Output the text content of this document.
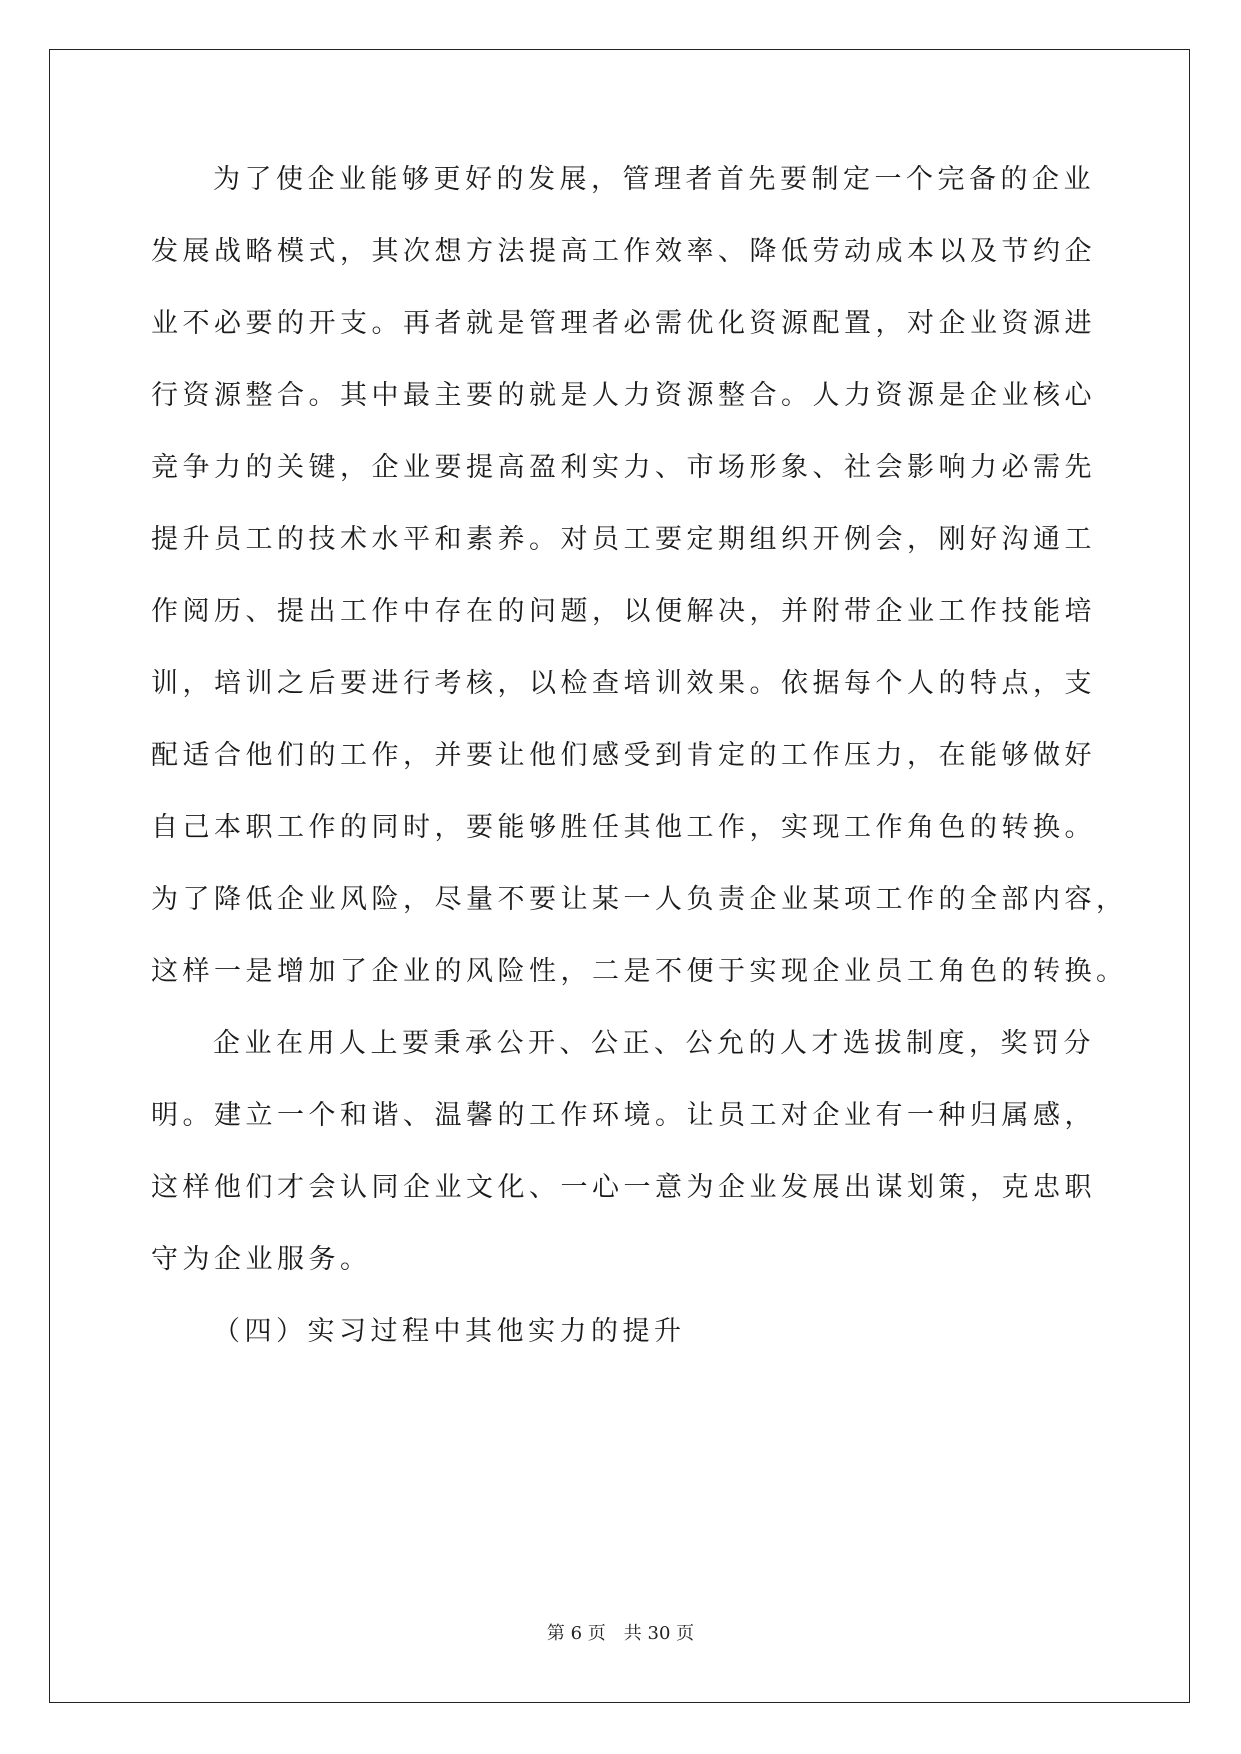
为了使企业能够更好的发展，管理者首先要制定一个完备的企业
发展战略模式，其次想方法提高工作效率、降低劳动成本以及节约企
业不必要的开支。再者就是管理者必需优化资源配置，对企业资源进
行资源整合。其中最主要的就是人力资源整合。人力资源是企业核心
竞争力的关键，企业要提高盈利实力、市场形象、社会影响力必需先
提升员工的技术水平和素养。对员工要定期组织开例会，刚好沟通工
作阅历、提出工作中存在的问题，以便解决，并附带企业工作技能培
训，培训之后要进行考核，以检查培训效果。依据每个人的特点，支
配适合他们的工作，并要让他们感受到肯定的工作压力，在能够做好
自己本职工作的同时，要能够胜任其他工作，实现工作角色的转换。
为了降低企业风险，尽量不要让某一人负责企业某项工作的全部内容，
这样一是增加了企业的风险性，二是不便于实现企业员工角色的转换。
企业在用人上要秉承公开、公正、公允的人才选拔制度，奖罚分
明。建立一个和谐、温馨的工作环境。让员工对企业有一种归属感，
这样他们才会认同企业文化、一心一意为企业发展出谋划策，克忠职
守为企业服务。
（四）实习过程中其他实力的提升
第 6 页　共 30 页
